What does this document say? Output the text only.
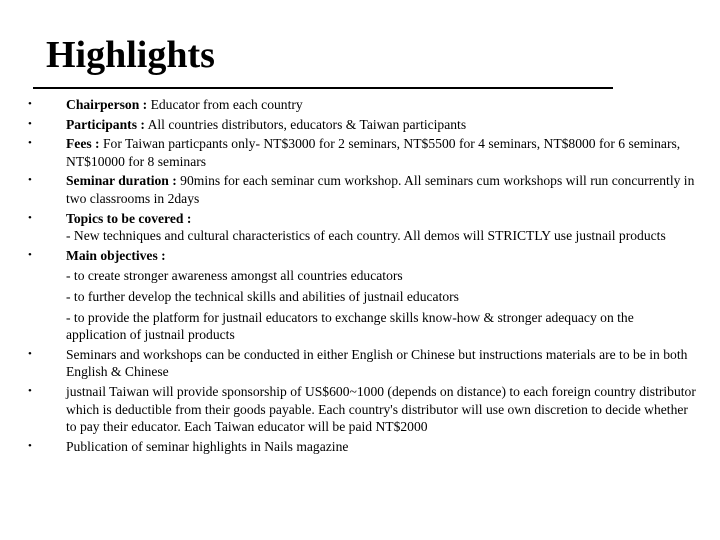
Highlights
•	Chairperson : Educator from each country
•	Participants : All countries distributors, educators & Taiwan participants
•	Fees : For Taiwan particpants only- NT$3000 for 2 seminars, NT$5500 for 4 seminars, NT$8000 for 6 seminars, NT$10000 for 8 seminars
•	Seminar duration : 90mins for each seminar cum workshop. All seminars cum workshops will run concurrently in two classrooms in 2days
•	Topics to be covered :
- New techniques and cultural characteristics of each country. All demos will STRICTLY use justnail products
•	Main objectives :
- to create stronger awareness amongst all countries educators
- to further develop the technical skills and abilities of justnail educators
- to provide the platform for justnail educators to exchange skills know-how & stronger adequacy on the application of justnail products
•	Seminars and workshops can be conducted in either English or Chinese but instructions materials are to be in both English & Chinese
•	justnail Taiwan will provide sponsorship of US$600~1000 (depends on distance) to each foreign country distributor which is deductible from their goods payable. Each country's distributor will use own discretion to decide whether to pay their educator. Each Taiwan educator will be paid NT$2000
•	Publication of seminar highlights in Nails magazine
